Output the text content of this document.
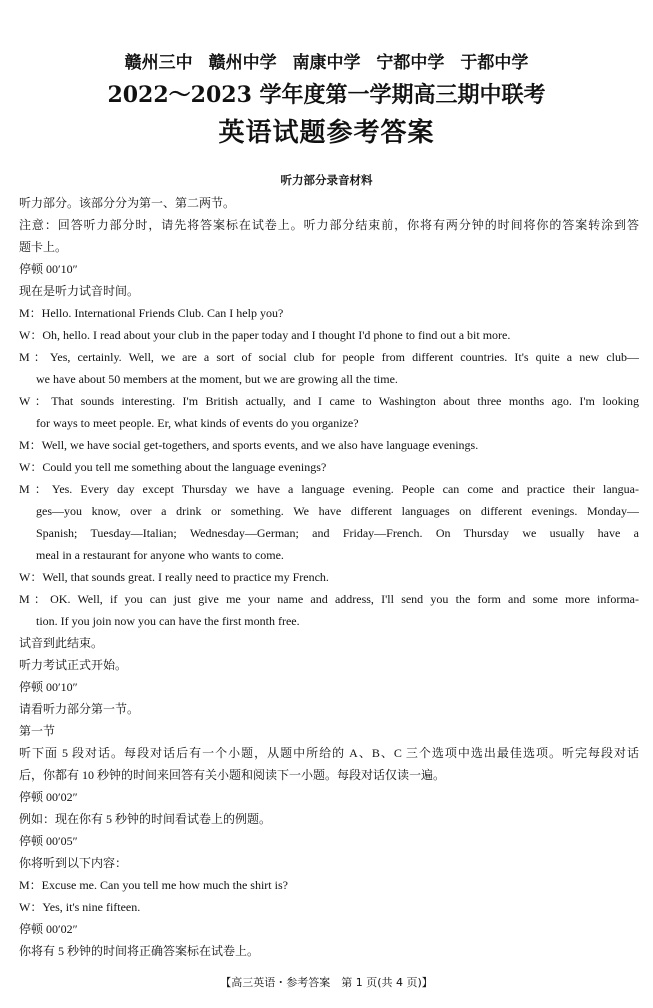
赣州三中 赣州中学 南康中学 宁都中学 于都中学
2022～2023 学年度第一学期高三期中联考
英语试题参考答案
听力部分录音材料
听力部分。该部分分为第一、第二两节。
注意：回答听力部分时，请先将答案标在试卷上。听力部分结束前，你将有两分钟的时间将你的答案转涂到答
题卡上。
停顿 00′10″
现在是听力试音时间。
M：Hello. International Friends Club. Can I help you?
W：Oh, hello. I read about your club in the paper today and I thought I'd phone to find out a bit more.
M：Yes, certainly. Well, we are a sort of social club for people from different countries. It's quite a new club—
we have about 50 members at the moment, but we are growing all the time.
W：That sounds interesting. I'm British actually, and I came to Washington about three months ago. I'm looking
for ways to meet people. Er, what kinds of events do you organize?
M：Well, we have social get-togethers, and sports events, and we also have language evenings.
W：Could you tell me something about the language evenings?
M：Yes. Every day except Thursday we have a language evening. People can come and practice their langua-
ges—you know, over a drink or something. We have different languages on different evenings. Monday—
Spanish; Tuesday—Italian; Wednesday—German; and Friday—French. On Thursday we usually have a
meal in a restaurant for anyone who wants to come.
W：Well, that sounds great. I really need to practice my French.
M：OK. Well, if you can just give me your name and address, I'll send you the form and some more informa-
tion. If you join now you can have the first month free.
试音到此结束。
听力考试正式开始。
停顿 00′10″
请看听力部分第一节。
第一节
听下面 5 段对话。每段对话后有一个小题，从题中所给的 A、B、C 三个选项中选出最佳选项。听完每段对话
后，你都有 10 秒钟的时间来回答有关小题和阅读下一小题。每段对话仅读一遍。
停顿 00′02″
例如：现在你有 5 秒钟的时间看试卷上的例题。
停顿 00′05″
你将听到以下内容：
M：Excuse me. Can you tell me how much the shirt is?
W：Yes, it's nine fifteen.
停顿 00′02″
你将有 5 秒钟的时间将正确答案标在试卷上。
【高三英语・参考答案　第 1 页(共 4 页)】
